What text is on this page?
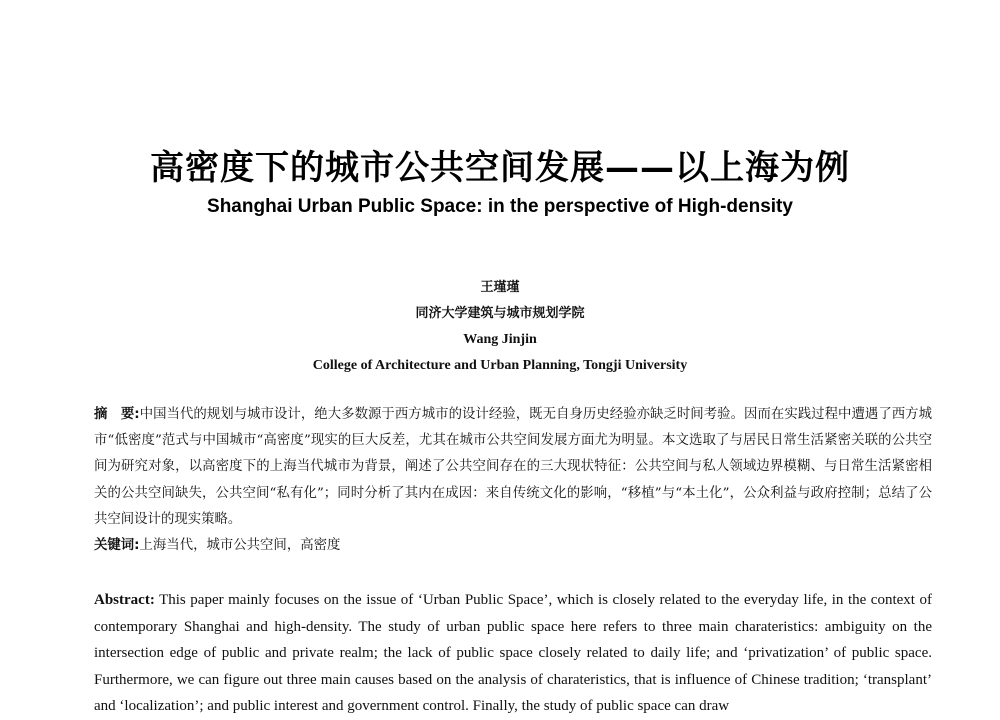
高密度下的城市公共空间发展——以上海为例
Shanghai Urban Public Space: in the perspective of High-density
王瑾瑾
同济大学建筑与城市规划学院
Wang Jinjin
College of Architecture and Urban Planning, Tongji University
摘　要:中国当代的规划与城市设计，绝大多数源于西方城市的设计经验，既无自身历史经验亦缺乏时间考验。因而在实践过程中遭遇了西方城市“低密度”范式与中国城市“高密度”现实的巨大反差，尤其在城市公共空间发展方面尤为明显。本文选取了与居民日常生活紧密关联的公共空间为研究对象，以高密度下的上海当代城市为背景，阐述了公共空间存在的三大现状特征：公共空间与私人领域边界模糊、与日常生活紧密相关的公共空间缺失，公共空间“私有化”；同时分析了其内在成因：来自传统文化的影响，“移植”与“本土化”，公众利益与政府控制；总结了公共空间设计的现实策略。
关键词:上海当代，城市公共空间，高密度
Abstract: This paper mainly focuses on the issue of ‘Urban Public Space’, which is closely related to the everyday life, in the context of contemporary Shanghai and high-density. The study of urban public space here refers to three main charateristics: ambiguity on the intersection edge of public and private realm; the lack of public space closely related to daily life; and ‘privatization’ of public space. Furthermore, we can figure out three main causes based on the analysis of charateristics, that is influence of Chinese tradition; ‘transplant’ and ‘localization’; and public interest and government control. Finally, the study of public space can draw
